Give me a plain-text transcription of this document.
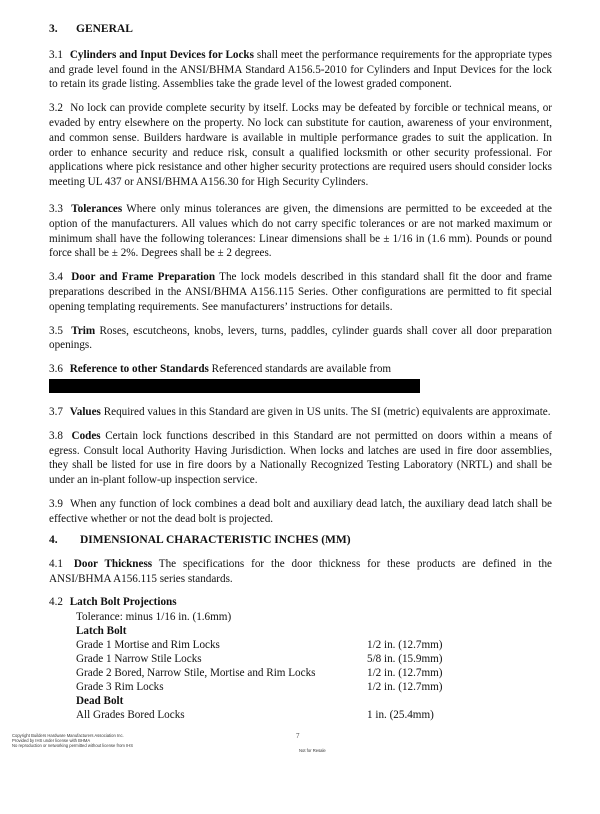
3. GENERAL

3.1 Cylinders and Input Devices for Locks shall meet the performance requirements for the appropriate types and grade level found in the ANSI/BHMA Standard A156.5-2010 for Cylinders and Input Devices for the lock to retain its grade listing. Assemblies take the grade level of the lowest graded component.

3.2 No lock can provide complete security by itself. Locks may be defeated by forcible or technical means, or evaded by entry elsewhere on the property. No lock can substitute for caution, awareness of your environment, and common sense. Builders hardware is available in multiple performance grades to suit the application. In order to enhance security and reduce risk, consult a qualified locksmith or other security professional. For applications where pick resistance and other higher security protections are required users should consider locks meeting UL 437 or ANSI/BHMA A156.30 for High Security Cylinders.

3.3 Tolerances Where only minus tolerances are given, the dimensions are permitted to be exceeded at the option of the manufacturers. All values which do not carry specific tolerances or are not marked maximum or minimum shall have the following tolerances: Linear dimensions shall be ± 1/16 in (1.6 mm). Pounds or pound force shall be ± 2%. Degrees shall be ± 2 degrees.

3.4 Door and Frame Preparation The lock models described in this standard shall fit the door and frame preparations described in the ANSI/BHMA A156.115 Series. Other configurations are permitted to fit special opening templating requirements. See manufacturers’ instructions for details.

3.5 Trim Roses, escutcheons, knobs, levers, turns, paddles, cylinder guards shall cover all door preparation openings.

3.6 Reference to other Standards Referenced standards are available from

3.7 Values Required values in this Standard are given in US units. The SI (metric) equivalents are approximate.

3.8 Codes Certain lock functions described in this Standard are not permitted on doors within a means of egress. Consult local Authority Having Jurisdiction. When locks and latches are used in fire door assemblies, they shall be listed for use in fire doors by a Nationally Recognized Testing Laboratory (NRTL) and shall be under an in-plant follow-up inspection service.

3.9 When any function of lock combines a dead bolt and auxiliary dead latch, the auxiliary dead latch shall be effective whether or not the dead bolt is projected.

4. DIMENSIONAL CHARACTERISTIC INCHES (MM)

4.1 Door Thickness The specifications for the door thickness for these products are defined in the ANSI/BHMA A156.115 series standards.

4.2 Latch Bolt Projections

Tolerance: minus 1/16 in. (1.6mm)
Latch Bolt
Grade 1 Mortise and Rim Locks	1/2 in. (12.7mm)
Grade 1 Narrow Stile Locks	5/8 in. (15.9mm)
Grade 2 Bored, Narrow Stile, Mortise and Rim Locks	1/2 in. (12.7mm)
Grade 3 Rim Locks	1/2 in. (12.7mm)
Dead Bolt
All Grades Bored Locks	1 in. (25.4mm)
7
Copyright Builders Hardware Manufacturers Association Inc.
Provided by IHS under license with BHMA
No reproduction or networking permitted without license from IHS
Not for Resale
